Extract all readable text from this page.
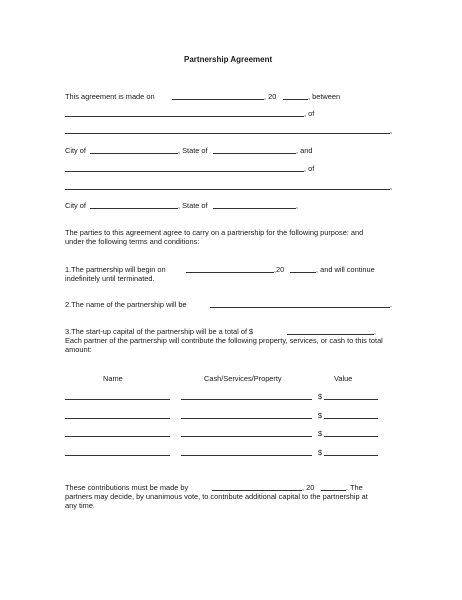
Partnership Agreement
This agreement is made on	, 20	, between
, of
,
City of	, State of	, and
, of
,
City of	, State of	,
The parties to this agreement agree to carry on a partnership for the following purpose: and under the following terms and conditions:
1.The partnership will begin on	,20	, and will continue
indefinitely until terminated.
2.The name of the partnership will be	.
3.The start-up capital of the partnership will be a total of $	.
Each partner of the partnership will contribute the following property, services, or cash to this total amount:
Name	Cash/Services/Property	Value
$
$
$
$
These contributions must be made by	, 20	. The
partners may decide, by unanimous vote, to contribute additional capital to the partnership at any time.
